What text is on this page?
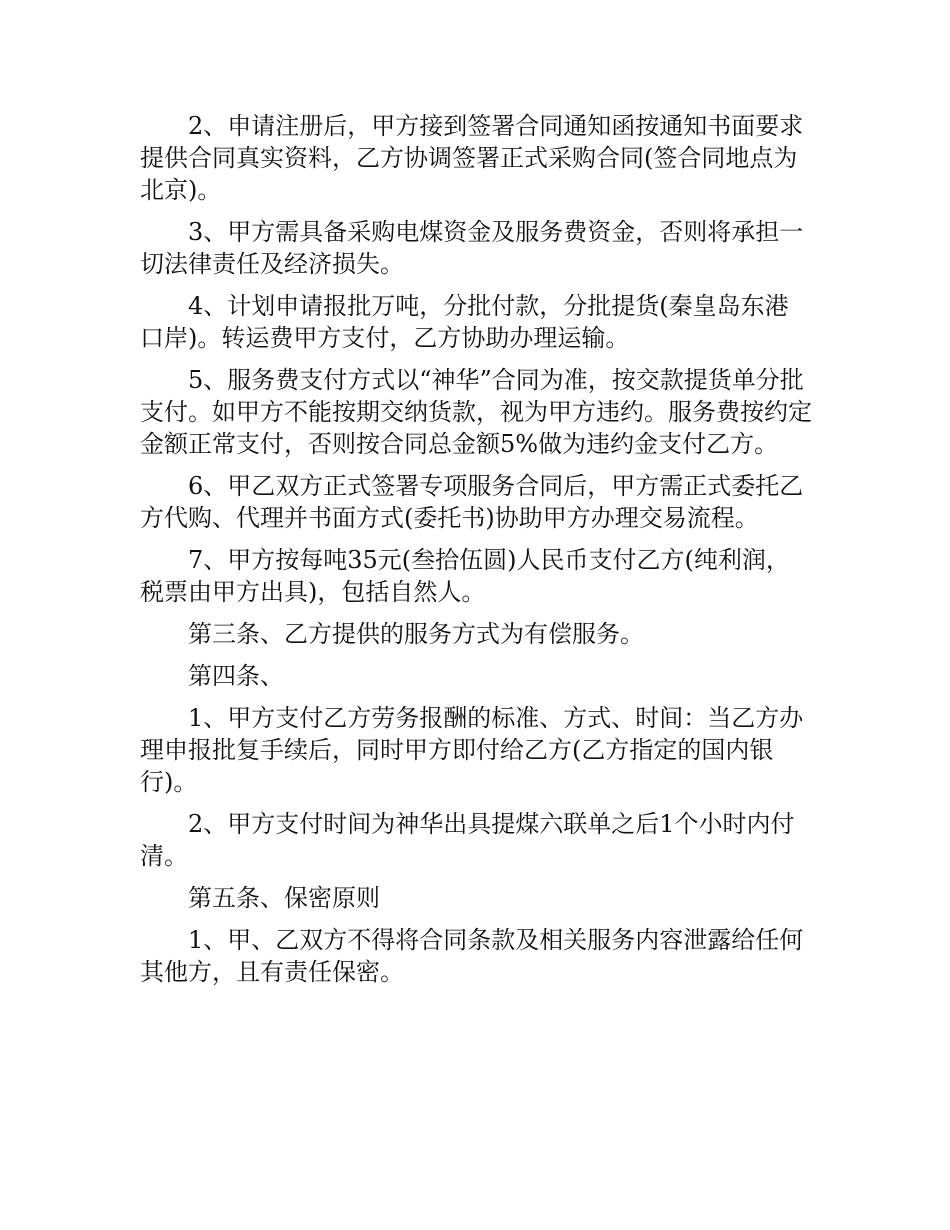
2、申请注册后，甲方接到签署合同通知函按通知书面要求提供合同真实资料，乙方协调签署正式采购合同(签合同地点为北京)。

3、甲方需具备采购电煤资金及服务费资金，否则将承担一切法律责任及经济损失。

4、计划申请报批万吨，分批付款，分批提货(秦皇岛东港口岸)。转运费甲方支付，乙方协助办理运输。

5、服务费支付方式以“神华”合同为准，按交款提货单分批支付。如甲方不能按期交纳货款，视为甲方违约。服务费按约定金额正常支付，否则按合同总金额5%做为违约金支付乙方。

6、甲乙双方正式签署专项服务合同后，甲方需正式委托乙方代购、代理并书面方式(委托书)协助甲方办理交易流程。

7、甲方按每吨35元(叁拾伍圆)人民币支付乙方(纯利润，税票由甲方出具)，包括自然人。

第三条、乙方提供的服务方式为有偿服务。

第四条、

1、甲方支付乙方劳务报酬的标准、方式、时间：当乙方办理申报批复手续后，同时甲方即付给乙方(乙方指定的国内银行)。

2、甲方支付时间为神华出具提煤六联单之后1个小时内付清。

第五条、保密原则

1、甲、乙双方不得将合同条款及相关服务内容泄露给任何其他方，且有责任保密。
